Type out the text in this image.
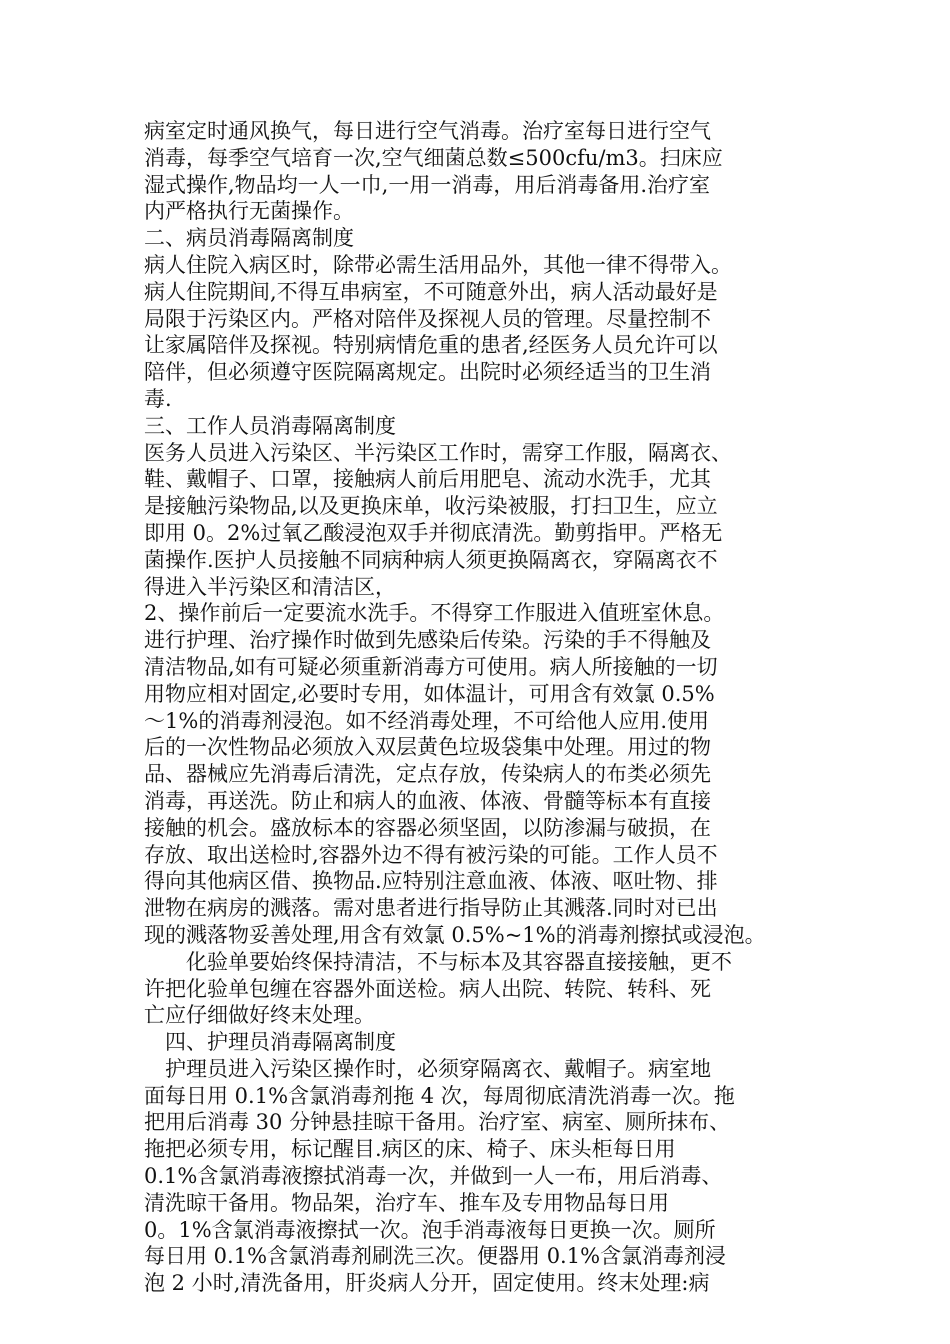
病室定时通风换气，每日进行空气消毒。治疗室每日进行空气
消毒，每季空气培育一次,空气细菌总数≤500cfu/m3。扫床应
湿式操作,物品均一人一巾,一用一消毒，用后消毒备用.治疗室
内严格执行无菌操作。
二、病员消毒隔离制度
病人住院入病区时，除带必需生活用品外，其他一律不得带入。
病人住院期间,不得互串病室，不可随意外出，病人活动最好是
局限于污染区内。严格对陪伴及探视人员的管理。尽量控制不
让家属陪伴及探视。特别病情危重的患者,经医务人员允许可以
陪伴，但必须遵守医院隔离规定。出院时必须经适当的卫生消
毒.
三、工作人员消毒隔离制度
医务人员进入污染区、半污染区工作时，需穿工作服，隔离衣、
鞋、戴帽子、口罩，接触病人前后用肥皂、流动水洗手，尤其
是接触污染物品,以及更换床单，收污染被服，打扫卫生，应立
即用 0。2%过氧乙酸浸泡双手并彻底清洗。勤剪指甲。严格无
菌操作.医护人员接触不同病种病人须更换隔离衣，穿隔离衣不
得进入半污染区和清洁区，
2、操作前后一定要流水洗手。不得穿工作服进入值班室休息。
进行护理、治疗操作时做到先感染后传染。污染的手不得触及
清洁物品,如有可疑必须重新消毒方可使用。病人所接触的一切
用物应相对固定,必要时专用，如体温计，可用含有效氯 0.5%
～1%的消毒剂浸泡。如不经消毒处理，不可给他人应用.使用
后的一次性物品必须放入双层黄色垃圾袋集中处理。用过的物
品、器械应先消毒后清洗，定点存放，传染病人的布类必须先
消毒，再送洗。防止和病人的血液、体液、骨髓等标本有直接
接触的机会。盛放标本的容器必须坚固，以防渗漏与破损，在
存放、取出送检时,容器外边不得有被污染的可能。工作人员不
得向其他病区借、换物品.应特别注意血液、体液、呕吐物、排
泄物在病房的溅落。需对患者进行指导防止其溅落.同时对已出
现的溅落物妥善处理,用含有效氯 0.5%~1%的消毒剂擦拭或浸泡。
化验单要始终保持清洁，不与标本及其容器直接接触，更不
许把化验单包缠在容器外面送检。病人出院、转院、转科、死
亡应仔细做好终末处理。
四、护理员消毒隔离制度
护理员进入污染区操作时，必须穿隔离衣、戴帽子。病室地
面每日用 0.1%含氯消毒剂拖 4 次，每周彻底清洗消毒一次。拖
把用后消毒 30 分钟悬挂晾干备用。治疗室、病室、厕所抹布、
拖把必须专用，标记醒目.病区的床、椅子、床头柜每日用
0.1%含氯消毒液擦拭消毒一次，并做到一人一布，用后消毒、
清洗晾干备用。物品架，治疗车、推车及专用物品每日用
0。1%含氯消毒液擦拭一次。泡手消毒液每日更换一次。厕所
每日用 0.1%含氯消毒剂刷洗三次。便器用 0.1%含氯消毒剂浸
泡 2 小时,清洗备用，肝炎病人分开，固定使用。终末处理:病
